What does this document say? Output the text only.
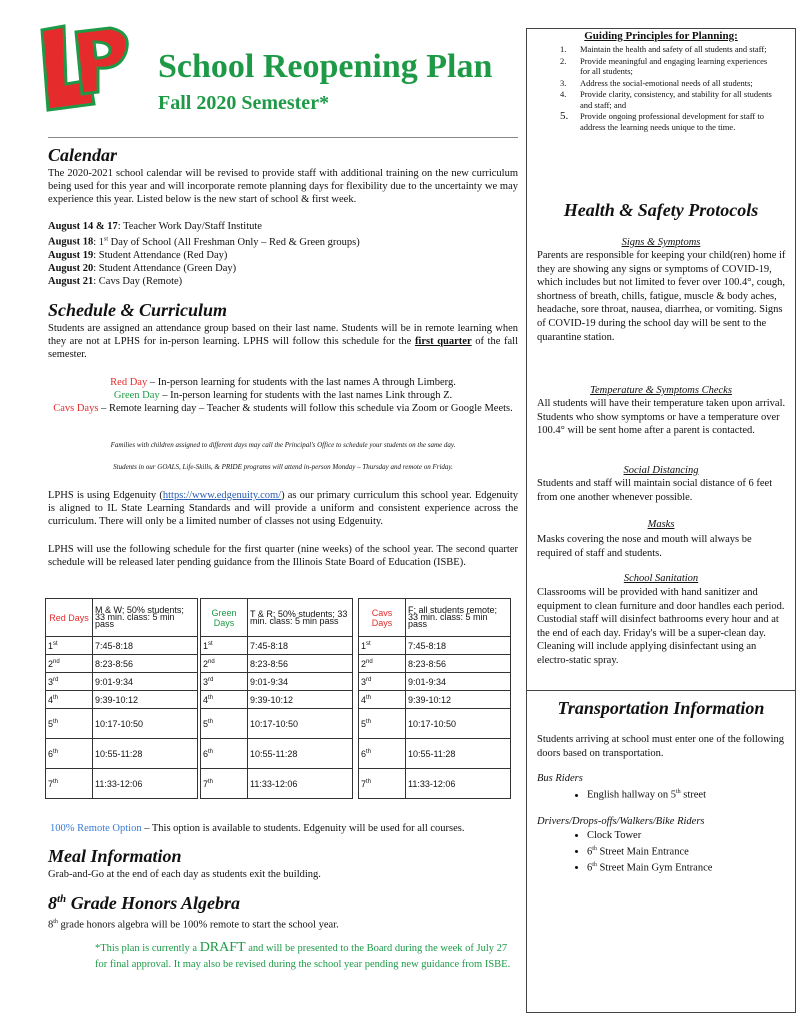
School Reopening Plan
Fall 2020 Semester*
Calendar
The 2020-2021 school calendar will be revised to provide staff with additional training on the new curriculum being used for this year and will incorporate remote planning days for flexibility due to the uncertainty we may experience this year. Listed below is the new start of school & first week.
August 14 & 17: Teacher Work Day/Staff Institute
August 18: 1st Day of School (All Freshman Only – Red & Green groups)
August 19: Student Attendance (Red Day)
August 20: Student Attendance (Green Day)
August 21: Cavs Day (Remote)
Schedule & Curriculum
Students are assigned an attendance group based on their last name. Students will be in remote learning when they are not at LPHS for in-person learning. LPHS will follow this schedule for the first quarter of the fall semester.
Red Day – In-person learning for students with the last names A through Limberg.
Green Day – In-person learning for students with the last names Link through Z.
Cavs Days – Remote learning day – Teacher & students will follow this schedule via Zoom or Google Meets.
Families with children assigned to different days may call the Principal's Office to schedule your students on the same day.
Students in our GOALS, Life-Skills, & PRIDE programs will attend in-person Monday – Thursday and remote on Friday.
LPHS is using Edgenuity (https://www.edgenuity.com/) as our primary curriculum this school year. Edgenuity is aligned to IL State Learning Standards and will provide a uniform and consistent experience across the curriculum. There will only be a limited number of classes not using Edgenuity.
LPHS will use the following schedule for the first quarter (nine weeks) of the school year. The second quarter schedule will be released later pending guidance from the Illinois State Board of Education (ISBE).
Red Days	M & W; 50% students; 33 min. class: 5 min pass
1st	7:45-8:18
2nd	8:23-8:56
3rd	9:01-9:34
4th	9:39-10:12
5th	10:17-10:50
6th	10:55-11:28
7th	11:33-12:06
Green Days	T & R; 50% students; 33 min. class: 5 min pass
1st	7:45-8:18
2nd	8:23-8:56
3rd	9:01-9:34
4th	9:39-10:12
5th	10:17-10:50
6th	10:55-11:28
7th	11:33-12:06
Cavs Days	F; all students remote; 33 min. class: 5 min pass
1st	7:45-8:18
2nd	8:23-8:56
3rd	9:01-9:34
4th	9:39-10:12
5th	10:17-10:50
6th	10:55-11:28
7th	11:33-12:06
100% Remote Option – This option is available to students. Edgenuity will be used for all courses.
Meal Information
Grab-and-Go at the end of each day as students exit the building.
8th Grade Honors Algebra
8th grade honors algebra will be 100% remote to start the school year.
*This plan is currently a DRAFT and will be presented to the Board during the week of July 27 for final approval. It may also be revised during the school year pending new guidance from ISBE.
Guiding Principles for Planning:
1. Maintain the health and safety of all students and staff;
2. Provide meaningful and engaging learning experiences for all students;
3. Address the social-emotional needs of all students;
4. Provide clarity, consistency, and stability for all students and staff; and
5. Provide ongoing professional development for staff to address the learning needs unique to the time.
Health & Safety Protocols
Signs & Symptoms
Parents are responsible for keeping your child(ren) home if they are showing any signs or symptoms of COVID-19, which includes but not limited to fever over 100.4°, cough, shortness of breath, chills, fatigue, muscle & body aches, headache, sore throat, nausea, diarrhea, or vomiting. Signs of COVID-19 during the school day will be sent to the quarantine station.
Temperature & Symptoms Checks
All students will have their temperature taken upon arrival. Students who show symptoms or have a temperature over 100.4° will be sent home after a parent is contacted.
Social Distancing
Students and staff will maintain social distance of 6 feet from one another whenever possible.
Masks
Masks covering the nose and mouth will always be required of staff and students.
School Sanitation
Classrooms will be provided with hand sanitizer and equipment to clean furniture and door handles each period. Custodial staff will disinfect bathrooms every hour and at the end of each day. Friday's will be a super-clean day. Cleaning will include applying disinfectant using an electro-static spray.
Transportation Information
Students arriving at school must enter one of the following doors based on transportation.
Bus Riders
• English hallway on 5th street
Drivers/Drops-offs/Walkers/Bike Riders
• Clock Tower
• 6th Street Main Entrance
• 6th Street Main Gym Entrance
